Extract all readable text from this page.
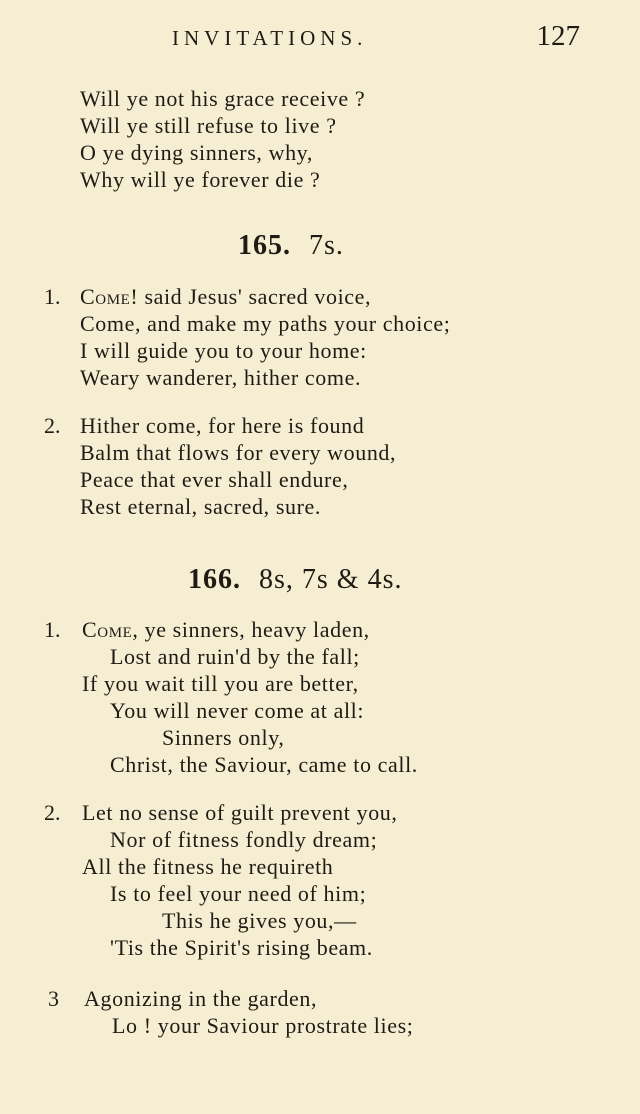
INVITATIONS.	127
Will ye not his grace receive ?
Will ye still refuse to live ?
O ye dying sinners, why,
Why will ye forever die ?
165. 7s.
1. Come! said Jesus' sacred voice,
Come, and make my paths your choice;
I will guide you to your home:
Weary wanderer, hither come.
2. Hither come, for here is found
Balm that flows for every wound,
Peace that ever shall endure,
Rest eternal, sacred, sure.
166. 8s, 7s & 4s.
1. Come, ye sinners, heavy laden,
Lost and ruin'd by the fall;
If you wait till you are better,
You will never come at all:
Sinners only,
Christ, the Saviour, came to call.
2. Let no sense of guilt prevent you,
Nor of fitness fondly dream;
All the fitness he requireth
Is to feel your need of him;
This he gives you,—
'Tis the Spirit's rising beam.
3 Agonizing in the garden,
Lo ! your Saviour prostrate lies;
